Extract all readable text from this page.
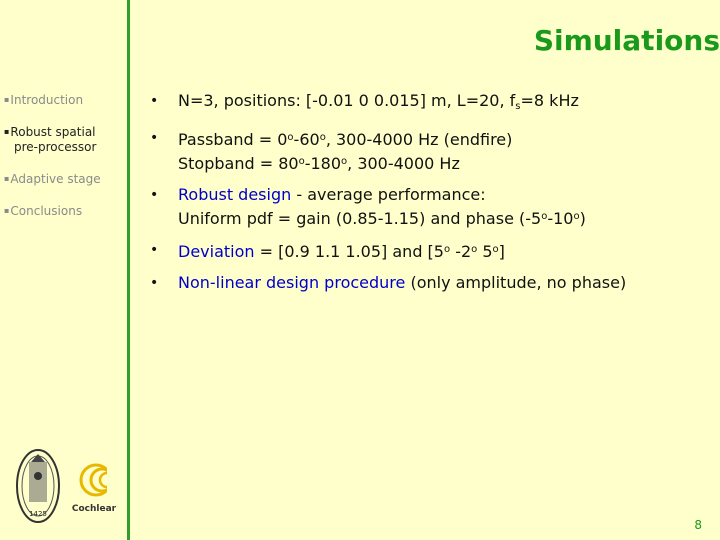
Simulations
▪Introduction
▪Robust spatial
pre-processor
▪Adaptive stage
▪Conclusions
• N=3, positions: [-0.01 0 0.015] m, L=20, $f_s=8$ kHz
• Passband = $0^o-60^o$, 300-4000 Hz (endfire)
Stopband = $80^o-180^o$, 300-4000 Hz
• Robust design - average performance:
Uniform pdf = gain (0.85-1.15) and phase (-5$^o$-10$^o$)
• Deviation = [0.9 1.1 1.05] and [5$^o$ -2$^o$ 5$^o$]
• Non-linear design procedure (only amplitude, no phase)
1425	Cochlear
8
